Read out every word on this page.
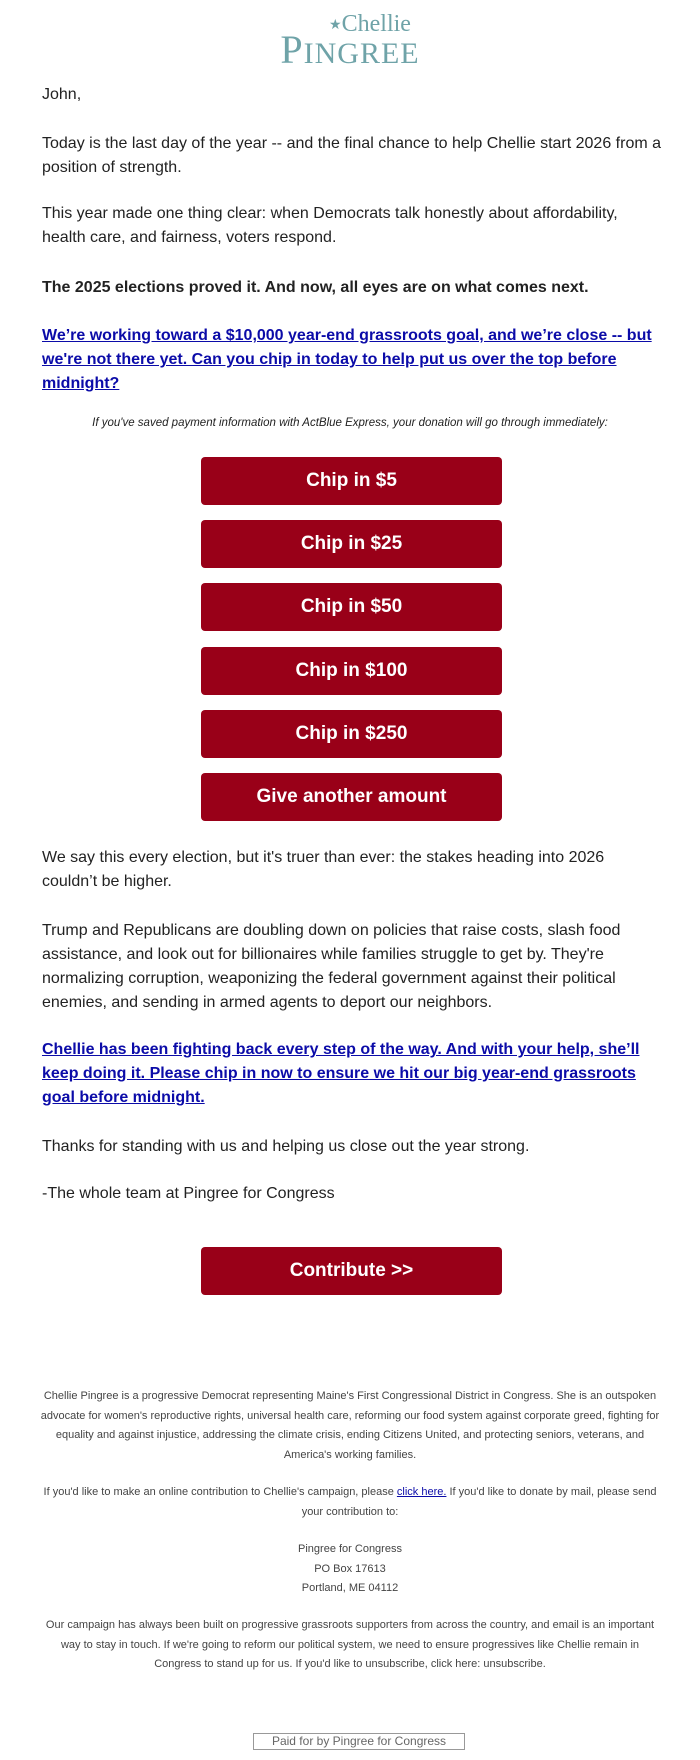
★Chellie
PINGREE

John,

Today is the last day of the year -- and the final chance to help Chellie start 2026 from a position of strength.

This year made one thing clear: when Democrats talk honestly about affordability, health care, and fairness, voters respond.

The 2025 elections proved it. And now, all eyes are on what comes next.

We’re working toward a $10,000 year-end grassroots goal, and we’re close -- but we're not there yet. Can you chip in today to help put us over the top before midnight?

If you've saved payment information with ActBlue Express, your donation will go through immediately:
Chip in $5
Chip in $25
Chip in $50
Chip in $100
Chip in $250
Give another amount

We say this every election, but it's truer than ever: the stakes heading into 2026 couldn’t be higher.

Trump and Republicans are doubling down on policies that raise costs, slash food assistance, and look out for billionaires while families struggle to get by. They're normalizing corruption, weaponizing the federal government against their political enemies, and sending in armed agents to deport our neighbors.

Chellie has been fighting back every step of the way. And with your help, she’ll keep doing it. Please chip in now to ensure we hit our big year-end grassroots goal before midnight.

Thanks for standing with us and helping us close out the year strong.

-The whole team at Pingree for Congress

Contribute >>

Chellie Pingree is a progressive Democrat representing Maine's First Congressional District in Congress. She is an outspoken advocate for women's reproductive rights, universal health care, reforming our food system against corporate greed, fighting for equality and against injustice, addressing the climate crisis, ending Citizens United, and protecting seniors, veterans, and America's working families.

If you'd like to make an online contribution to Chellie's campaign, please click here. If you'd like to donate by mail, please send your contribution to:

Pingree for Congress
PO Box 17613
Portland, ME 04112

Our campaign has always been built on progressive grassroots supporters from across the country, and email is an important way to stay in touch. If we're going to reform our political system, we need to ensure progressives like Chellie remain in Congress to stand up for us. If you'd like to unsubscribe, click here: unsubscribe.

Paid for by Pingree for Congress
